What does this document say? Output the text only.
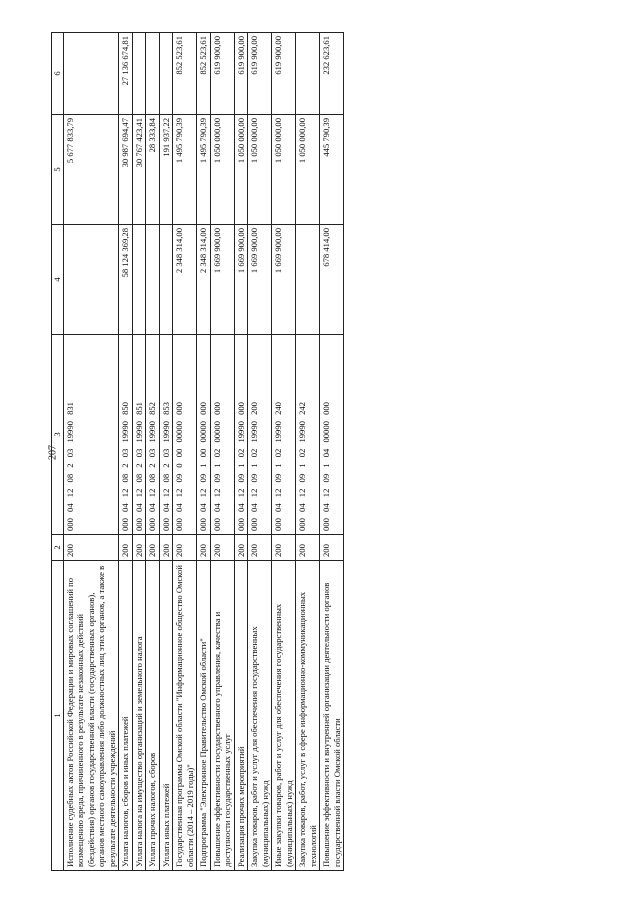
207
1	2	3	4	5	6
Исполнение судебных актов Российской Федерации и мировых соглашений по возмещению вреда, причиненного в результате незаконных действий (бездействия) органов государственной власти (государственных органов), органов местного самоуправления либо должностных лиц этих органов, а также в результате деятельности учреждений	200	000 04 12 08 2 03 19990 831		5 677 833,79	
Уплата налогов, сборов и иных платежей	200	000 04 12 08 2 03 19990 850	58 124 369,28	30 987 694,47	27 136 674,81
Уплата налога на имущество организаций и земельного налога	200	000 04 12 08 2 03 19990 851		30 767 423,41	
Уплата прочих налогов, сборов	200	000 04 12 08 2 03 19990 852		28 333,84	
Уплата иных платежей	200	000 04 12 08 2 03 19990 853		191 937,22	
Государственная программа Омской области "Информационное общество Омской области (2014 – 2019 годы)"	200	000 04 12 09 0 00 00000 000	2 348 314,00	1 495 790,39	852 523,61
Подпрограмма "Электронное Правительство Омской области"	200	000 04 12 09 1 00 00000 000	2 348 314,00	1 495 790,39	852 523,61
Повышение эффективности государственного управления, качества и доступности государственных услуг	200	000 04 12 09 1 02 00000 000	1 669 900,00	1 050 000,00	619 900,00
Реализация прочих мероприятий	200	000 04 12 09 1 02 19990 000	1 669 900,00	1 050 000,00	619 900,00
Закупка товаров, работ и услуг для обеспечения государственных (муниципальных) нужд	200	000 04 12 09 1 02 19990 200	1 669 900,00	1 050 000,00	619 900,00
Иные закупки товаров, работ и услуг для обеспечения государственных (муниципальных) нужд	200	000 04 12 09 1 02 19990 240	1 669 900,00	1 050 000,00	619 900,00
Закупка товаров, работ, услуг в сфере информационно-коммуникационных технологий	200	000 04 12 09 1 02 19990 242		1 050 000,00	
Повышение эффективности и внутренней организации деятельности органов государственной власти Омской области	200	000 04 12 09 1 04 00000 000	678 414,00	445 790,39	232 623,61
